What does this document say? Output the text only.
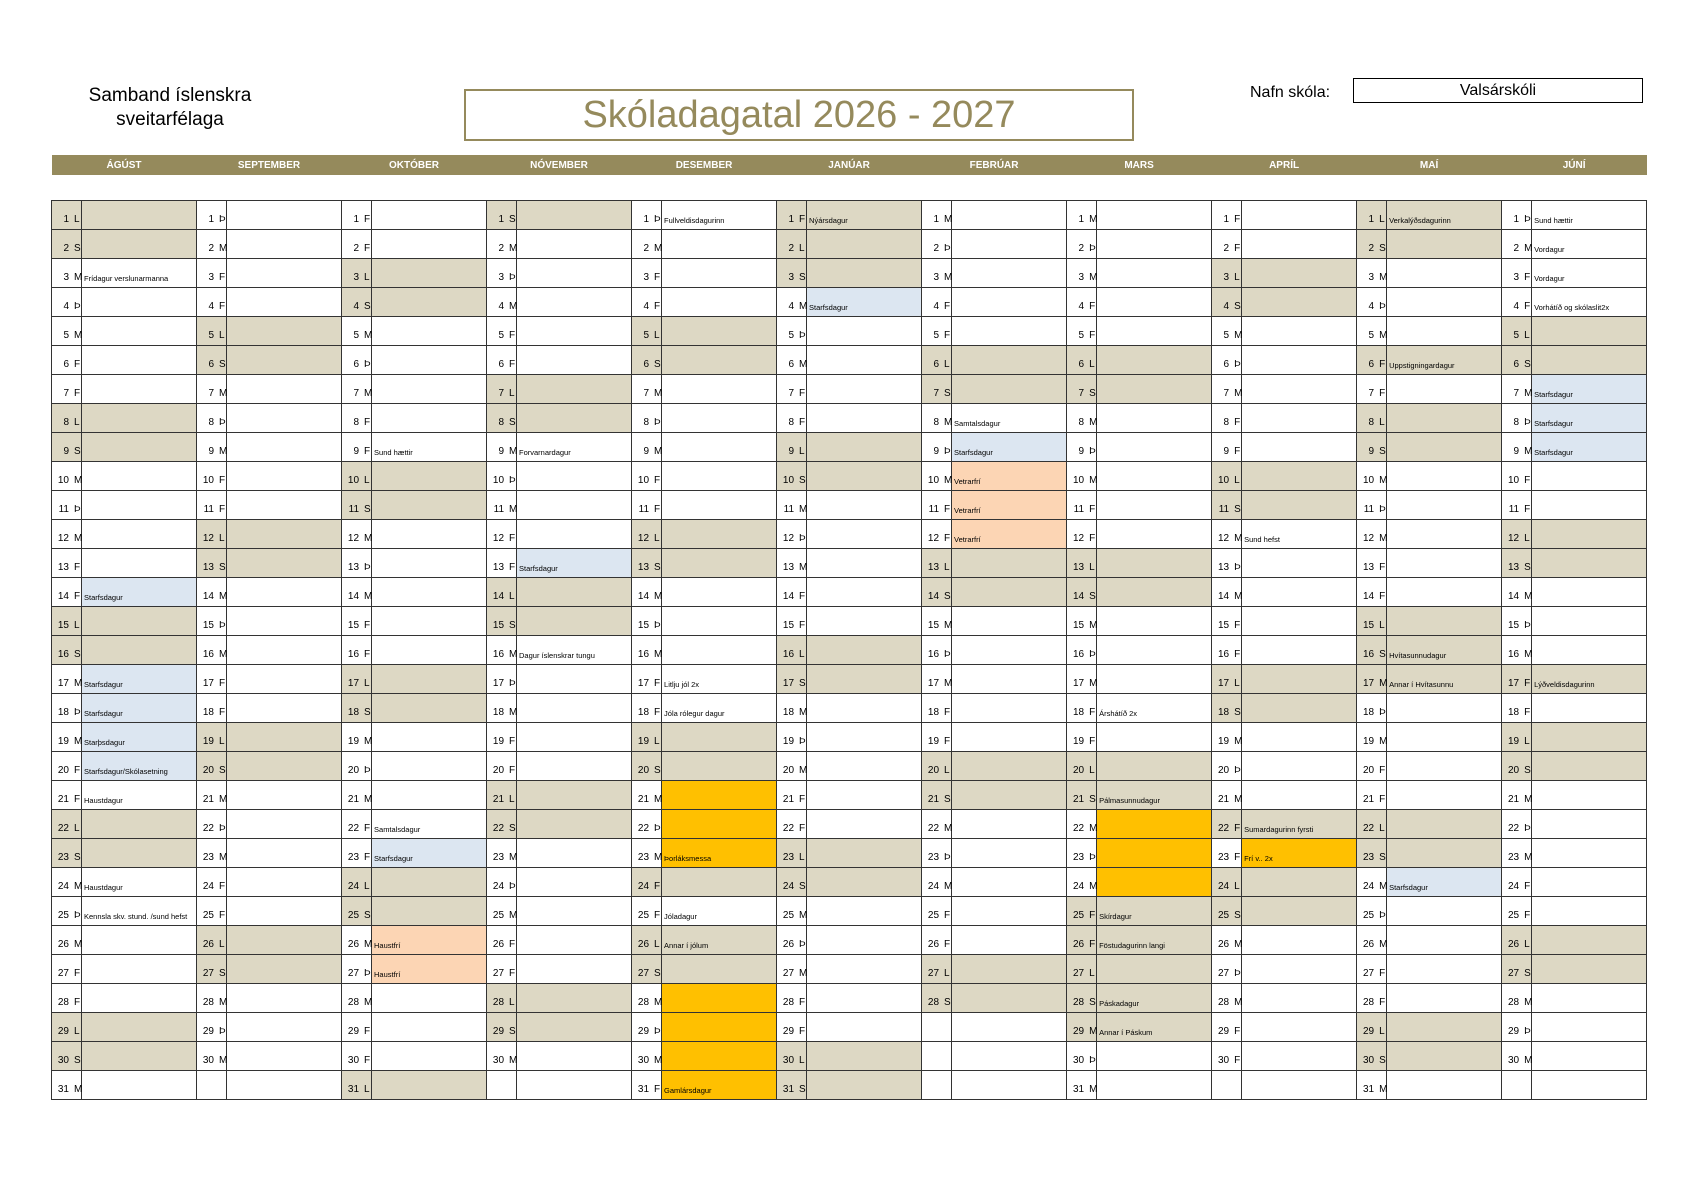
Samband íslenskra
sveitarfélaga	Skóladagatal 2026 - 2027
Nafn skóla:	Valsárskóli
ÁGÚST		SEPTEMBER		OKTÓBER		NÓVEMBER		DESEMBER		JANÚAR		FEBRÚAR		MARS		APRÍL		MAÍ		JÚNÍ	

1 L		1 Þ		1 F		1 S		1 Þ	Fullveldisdagurinn	1 F	Nýársdagur	1 M		1 M		1 F		1 L	Verkalýðsdagurinn	1 Þ	Sund hættir
2 S		2 M		2 F		2 M		2 M		2 L		2 Þ		2 Þ		2 F		2 S		2 M	Vordagur
3 M	Frídagur verslunarmanna	3 F		3 L		3 Þ		3 F		3 S		3 M		3 M		3 L		3 M		3 F	Vordagur
4 Þ		4 F		4 S		4 M		4 F		4 M	Starfsdagur	4 F		4 F		4 S		4 Þ		4 F	Vorhátíð og skólaslit2x
5 M		5 L		5 M		5 F		5 L		5 Þ		5 F		5 F		5 M		5 M		5 L	
6 F		6 S		6 Þ		6 F		6 S		6 M		6 L		6 L		6 Þ		6 F	Uppstigningardagur	6 S	
7 F		7 M		7 M		7 L		7 M		7 F		7 S		7 S		7 M		7 F		7 M	Starfsdagur
8 L		8 Þ		8 F		8 S		8 Þ		8 F		8 M	Samtalsdagur	8 M		8 F		8 L		8 Þ	Starfsdagur
9 S		9 M		9 F	Sund hættir	9 M	Forvarnardagur	9 M		9 L		9 Þ	Starfsdagur	9 Þ		9 F		9 S		9 M	Starfsdagur
10 M		10 F		10 L		10 Þ		10 F		10 S		10 M	Vetrarfrí	10 M		10 L		10 M		10 F	
11 Þ		11 F		11 S		11 M		11 F		11 M		11 F	Vetrarfrí	11 F		11 S		11 Þ		11 F	
12 M		12 L		12 M		12 F		12 L		12 Þ		12 F	Vetrarfrí	12 F		12 M	Sund hefst	12 M		12 L	
13 F		13 S		13 Þ		13 F	Starfsdagur	13 S		13 M		13 L		13 L		13 Þ		13 F		13 S	
14 F	Starfsdagur	14 M		14 M		14 L		14 M		14 F		14 S		14 S		14 M		14 F		14 M	
15 L		15 Þ		15 F		15 S		15 Þ		15 F		15 M		15 M		15 F		15 L		15 Þ	
16 S		16 M		16 F		16 M	Dagur íslenskrar tungu	16 M		16 L		16 Þ		16 Þ		16 F		16 S	Hvítasunnudagur	16 M	
17 M	Starfsdagur	17 F		17 L		17 Þ		17 F	Litlju jól 2x	17 S		17 M		17 M		17 L		17 M	Annar í Hvítasunnu	17 F	Lýðveldisdagurinn
18 Þ	Starfsdagur	18 F		18 S		18 M		18 F	Jóla rólegur dagur	18 M		18 F		18 F	Árshátíð 2x	18 S		18 Þ		18 F	
19 M	Starþsdagur	19 L		19 M		19 F		19 L		19 Þ		19 F		19 F		19 M		19 M		19 L	
20 F	Starfsdagur/Skólasetning	20 S		20 Þ		20 F		20 S		20 M		20 L		20 L		20 Þ		20 F		20 S	
21 F	Haustdagur	21 M		21 M		21 L		21 M		21 F		21 S		21 S	Pálmasunnudagur	21 M		21 F		21 M	
22 L		22 Þ		22 F	Samtalsdagur	22 S		22 Þ		22 F		22 M		22 M		22 F	Sumardagurinn fyrsti	22 L		22 Þ	
23 S		23 M		23 F	Starfsdagur	23 M		23 M	Þorláksmessa	23 L		23 Þ		23 Þ		23 F	Frí v.. 2x	23 S		23 M	
24 M	Haustdagur	24 F		24 L		24 Þ		24 F		24 S		24 M		24 M		24 L		24 M	Starfsdagur	24 F	
25 Þ	Kennsla skv. stund. /sund hefst	25 F		25 S		25 M		25 F	Jóladagur	25 M		25 F		25 F	Skírdagur	25 S		25 Þ		25 F	
26 M		26 L		26 M	Haustfrí	26 F		26 L	Annar í jólum	26 Þ		26 F		26 F	Föstudagurinn langi	26 M		26 M		26 L	
27 F		27 S		27 Þ	Haustfrí	27 F		27 S		27 M		27 L		27 L		27 Þ		27 F		27 S	
28 F		28 M		28 M		28 L		28 M		28 F		28 S		28 S	Páskadagur	28 M		28 F		28 M	
29 L		29 Þ		29 F		29 S		29 Þ		29 F				29 M	Annar í Páskum	29 F		29 L		29 Þ	
30 S		30 M		30 F		30 M		30 M		30 L				30 Þ		30 F		30 S		30 M	
31 M				31 L				31 F	Gamlársdagur	31 S				31 M				31 M			
